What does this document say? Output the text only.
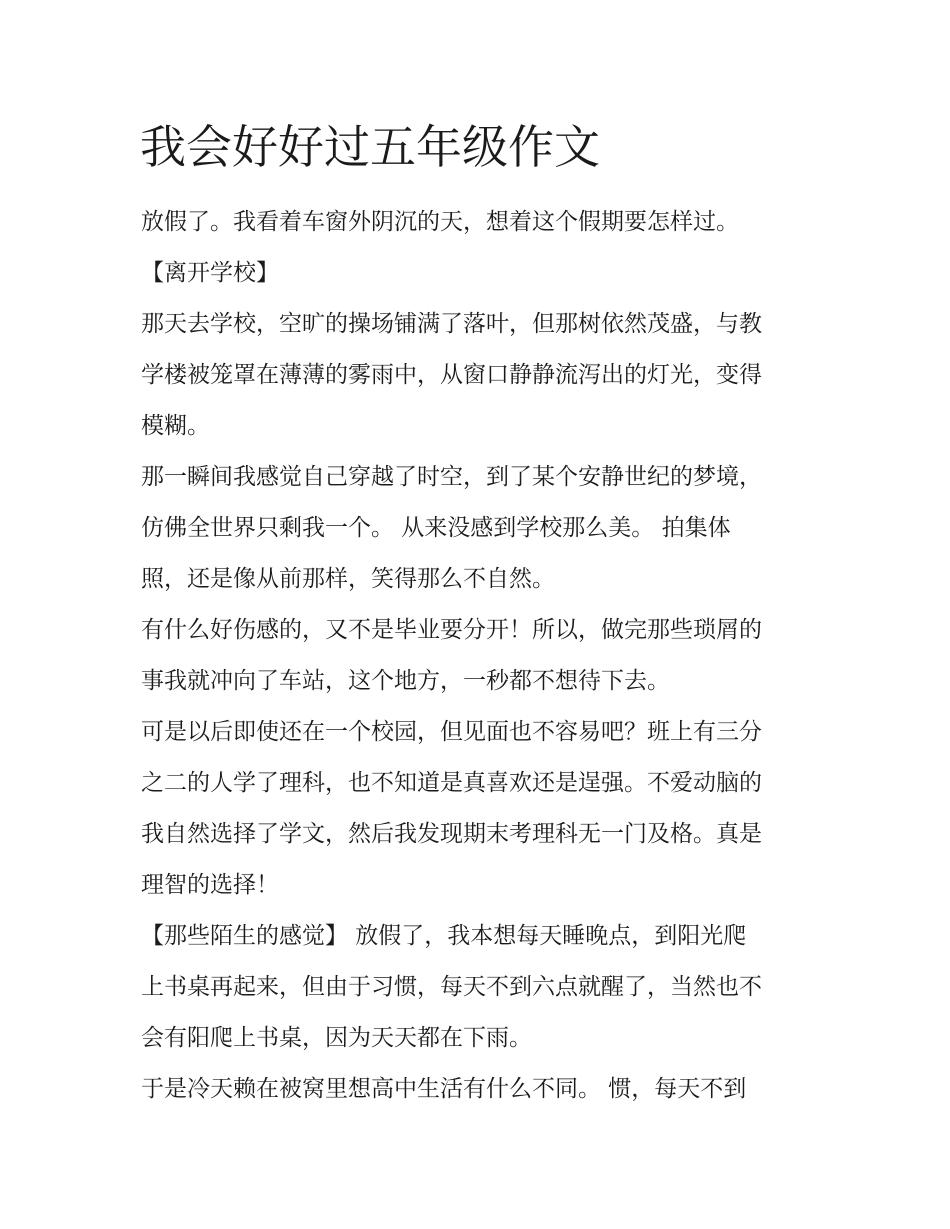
我会好好过五年级作文
放假了。我看着车窗外阴沉的天，想着这个假期要怎样过。
【离开学校】
那天去学校，空旷的操场铺满了落叶，但那树依然茂盛，与教
学楼被笼罩在薄薄的雾雨中，从窗口静静流泻出的灯光，变得
模糊。
那一瞬间我感觉自己穿越了时空，到了某个安静世纪的梦境，
仿佛全世界只剩我一个。 从来没感到学校那么美。 拍集体
照，还是像从前那样，笑得那么不自然。
有什么好伤感的，又不是毕业要分开！所以，做完那些琐屑的
事我就冲向了车站，这个地方，一秒都不想待下去。
可是以后即使还在一个校园，但见面也不容易吧？班上有三分
之二的人学了理科，也不知道是真喜欢还是逞强。不爱动脑的
我自然选择了学文，然后我发现期末考理科无一门及格。真是
理智的选择！
【那些陌生的感觉】 放假了，我本想每天睡晚点，到阳光爬
上书桌再起来，但由于习惯，每天不到六点就醒了，当然也不
会有阳爬上书桌，因为天天都在下雨。
于是冷天赖在被窝里想高中生活有什么不同。 惯，每天不到
